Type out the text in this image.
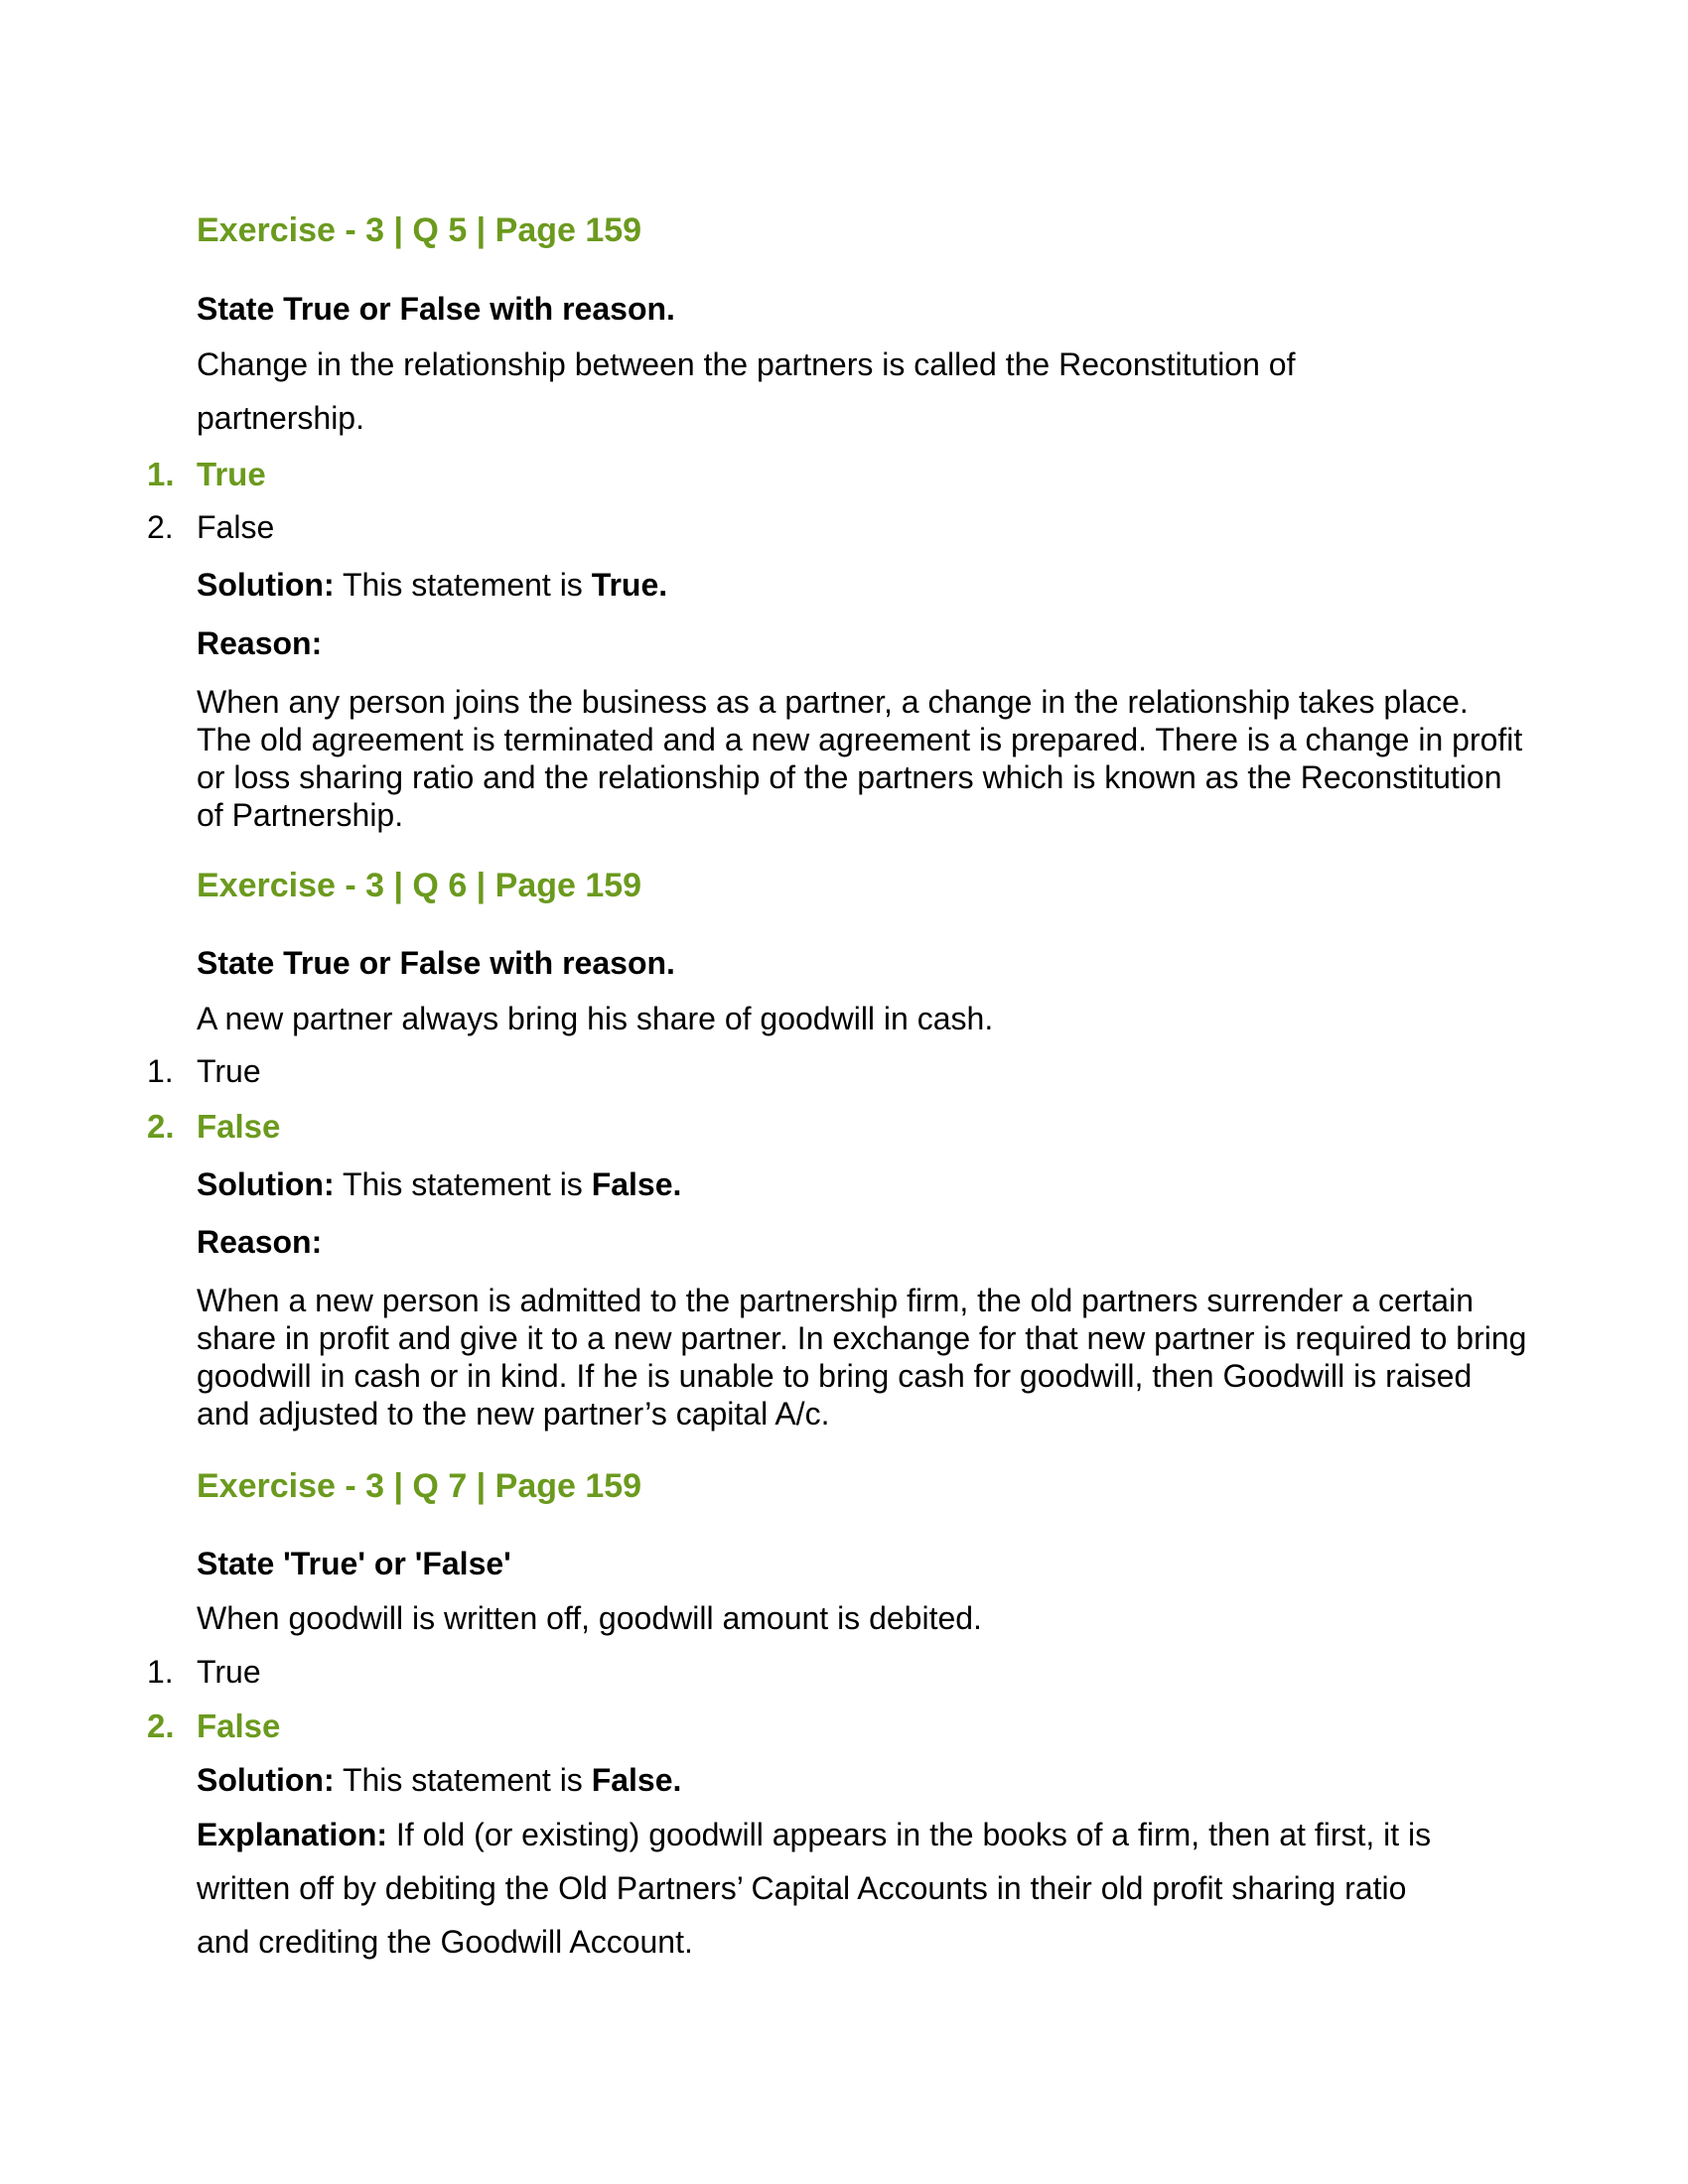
Exercise - 3 | Q 5 | Page 159
State True or False with reason.
Change in the relationship between the partners is called the Reconstitution of
partnership.
1. True
2. False
Solution: This statement is True.
Reason:
When any person joins the business as a partner, a change in the relationship takes place. The old agreement is terminated and a new agreement is prepared. There is a change in profit or loss sharing ratio and the relationship of the partners which is known as the Reconstitution of Partnership.
Exercise - 3 | Q 6 | Page 159
State True or False with reason.
A new partner always bring his share of goodwill in cash.
1. True
2. False
Solution: This statement is False.
Reason:
When a new person is admitted to the partnership firm, the old partners surrender a certain share in profit and give it to a new partner. In exchange for that new partner is required to bring goodwill in cash or in kind. If he is unable to bring cash for goodwill, then Goodwill is raised and adjusted to the new partner’s capital A/c.
Exercise - 3 | Q 7 | Page 159
State 'True' or 'False'
When goodwill is written off, goodwill amount is debited.
1. True
2. False
Solution: This statement is False.
Explanation: If old (or existing) goodwill appears in the books of a firm, then at first, it is
written off by debiting the Old Partners’ Capital Accounts in their old profit sharing ratio
and crediting the Goodwill Account.
